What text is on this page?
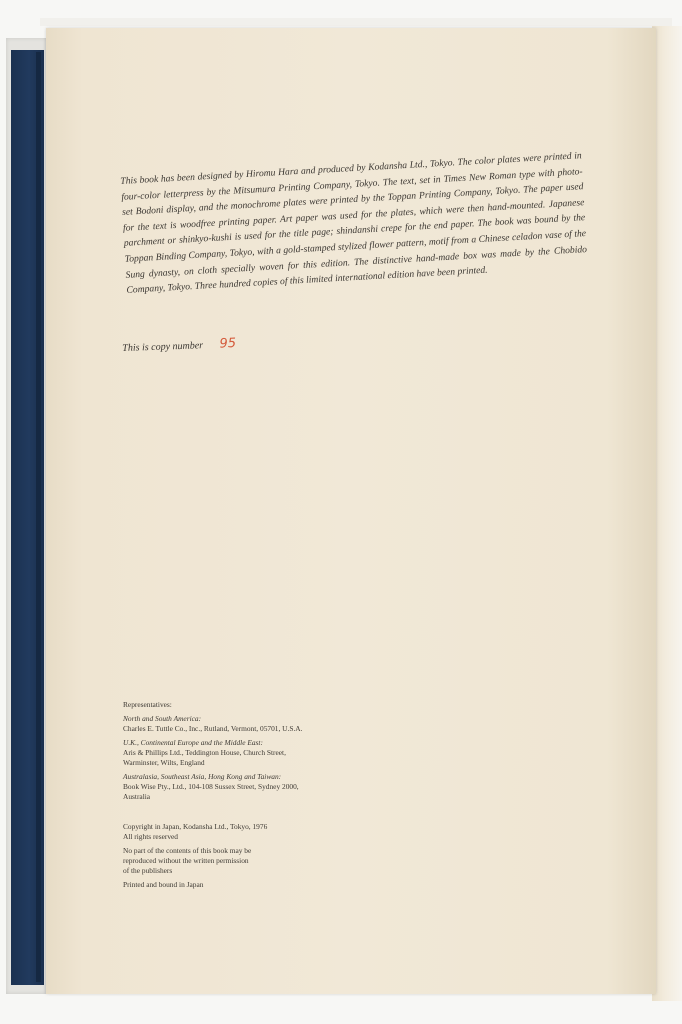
This book has been designed by Hiromu Hara and produced by Kodansha Ltd., Tokyo. The color plates were printed in four-color letterpress by the Mitsumura Printing Company, Tokyo. The text, set in Times New Roman type with photo-set Bodoni display, and the monochrome plates were printed by the Toppan Printing Company, Tokyo. The paper used for the text is woodfree printing paper. Art paper was used for the plates, which were then hand-mounted. Japanese parchment or shinkyo-kushi is used for the title page; shindanshi crepe for the end paper. The book was bound by the Toppan Binding Company, Tokyo, with a gold-stamped stylized flower pattern, motif from a Chinese celadon vase of the Sung dynasty, on cloth specially woven for this edition. The distinctive hand-made box was made by the Chobido Company, Tokyo. Three hundred copies of this limited international edition have been printed.

This is copy number 95
Representatives:
North and South America:
Charles E. Tuttle Co., Inc., Rutland, Vermont, 05701, U.S.A.
U.K., Continental Europe and the Middle East:
Aris & Phillips Ltd., Teddington House, Church Street,
Warminster, Wilts, England
Australasia, Southeast Asia, Hong Kong and Taiwan:
Book Wise Pty., Ltd., 104-108 Sussex Street, Sydney 2000,
Australia
Copyright in Japan, Kodansha Ltd., Tokyo, 1976
All rights reserved
No part of the contents of this book may be
reproduced without the written permission
of the publishers
Printed and bound in Japan
